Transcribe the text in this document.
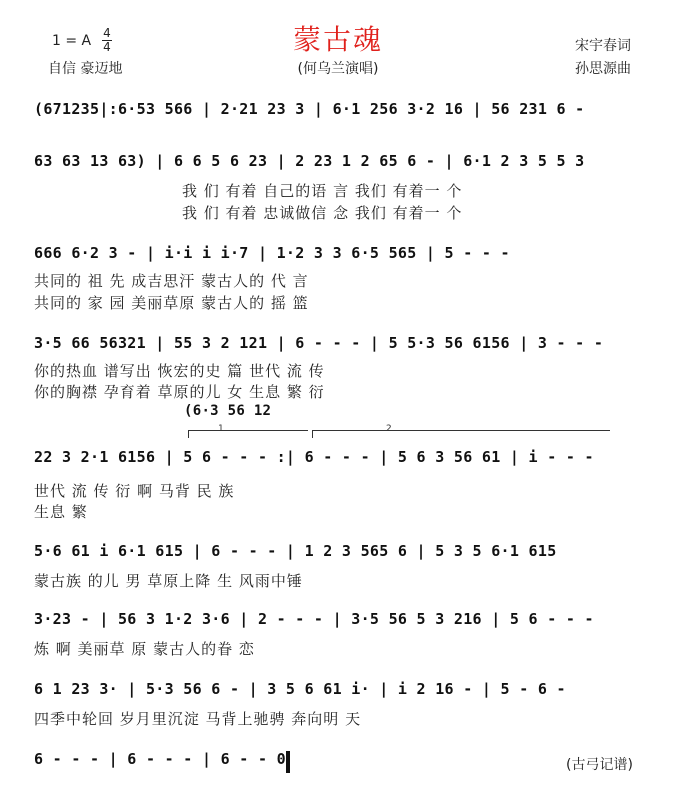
蒙古魂
1 = A 4
4
自信 豪迈地	(何乌兰演唱)
宋宇春词
孙思源曲
(671235|:6·53 566 | 2·21 23 3 | 6·1 256 3·2 16 | 56 231 6 -
63 63 13 63) | 6 6 5 6 23 | 2 23 1 2 65 6 - | 6·1 2 3 5 5 3
我 们 有着 自己的语 言 我们 有着一 个
我 们 有着 忠诚做信 念 我们 有着一 个
666 6·2 3 - | i·i i i·7 | 1·2 3 3 6·5 565 | 5 - - -
共同的 祖 先 成吉思汗 蒙古人的 代 言
共同的 家 园 美丽草原 蒙古人的 摇 篮
3·5 66 56321 | 55 3 2 121 | 6 - - - | 5 5·3 56 6156 | 3 - - -
你的热血 谱写出 恢宏的史 篇 世代 流 传
你的胸襟 孕育着 草原的儿 女 生息 繁 衍
(6·3 56 12
1	2
22 3 2·1 6156 | 5 6 - - - :| 6 - - - | 5 6 3 56 61 | i - - -
世代 流 传 衍 啊 马背 民 族
生息 繁
5·6 61 i 6·1 615 | 6 - - - | 1 2 3 565 6 | 5 3 5 6·1 615
蒙古族 的儿 男 草原上降 生 风雨中锤
3·23 - | 56 3 1·2 3·6 | 2 - - - | 3·5 56 5 3 216 | 5 6 - - -
炼 啊 美丽草 原 蒙古人的眷 恋
6 1 23 3· | 5·3 56 6 - | 3 5 6 61 i· | i 2 16 - | 5 - 6 -
四季中轮回 岁月里沉淀 马背上驰骋 奔向明 天
6 - - - | 6 - - - | 6 - - 0	(古弓记谱)
